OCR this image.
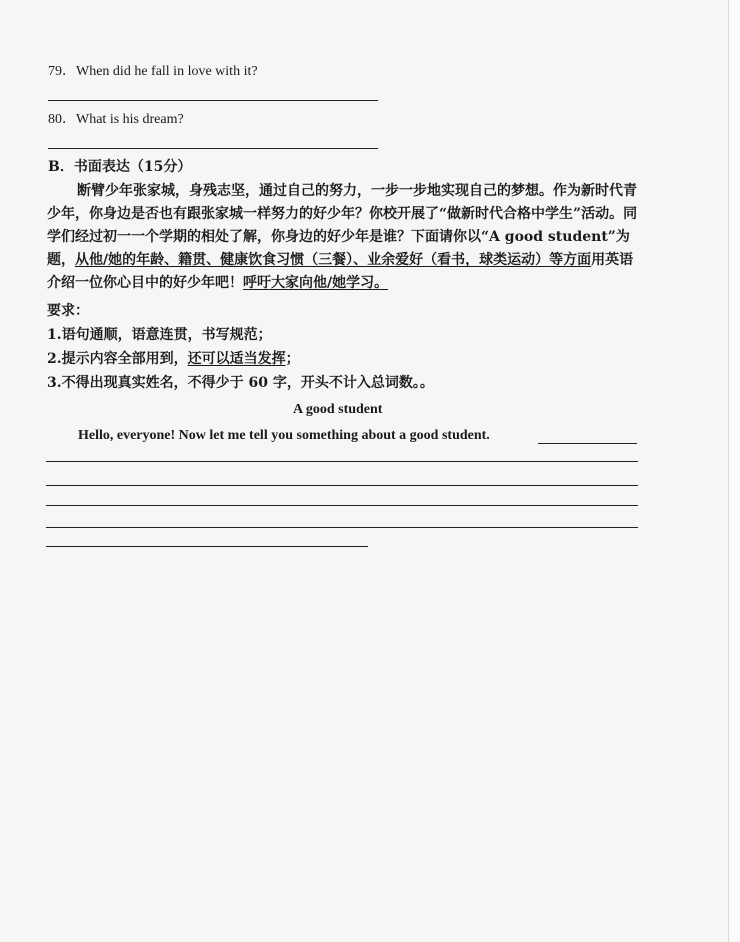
79．When did he fall in love with it?
80．What is his dream?
B．书面表达（15分）
断臂少年张家城，身残志坚，通过自己的努力，一步一步地实现自己的梦想。作为新时代青少年，你身边是否也有跟张家城一样努力的好少年？你校开展了“做新时代合格中学生”活动。同学们经过初一一个学期的相处了解，你身边的好少年是谁？下面请你以“A good student”为题，从他/她的年龄、籍贯、健康饮食习惯（三餐）、业余爱好（看书，球类运动）等方面用英语介绍一位你心目中的好少年吧！呼吁大家向他/她学习。
要求：
1.语句通顺，语意连贯，书写规范；
2.提示内容全部用到，还可以适当发挥；
3.不得出现真实姓名，不得少于 60 字，开头不计入总词数。。
A good student
Hello, everyone! Now let me tell you something about a good student.
